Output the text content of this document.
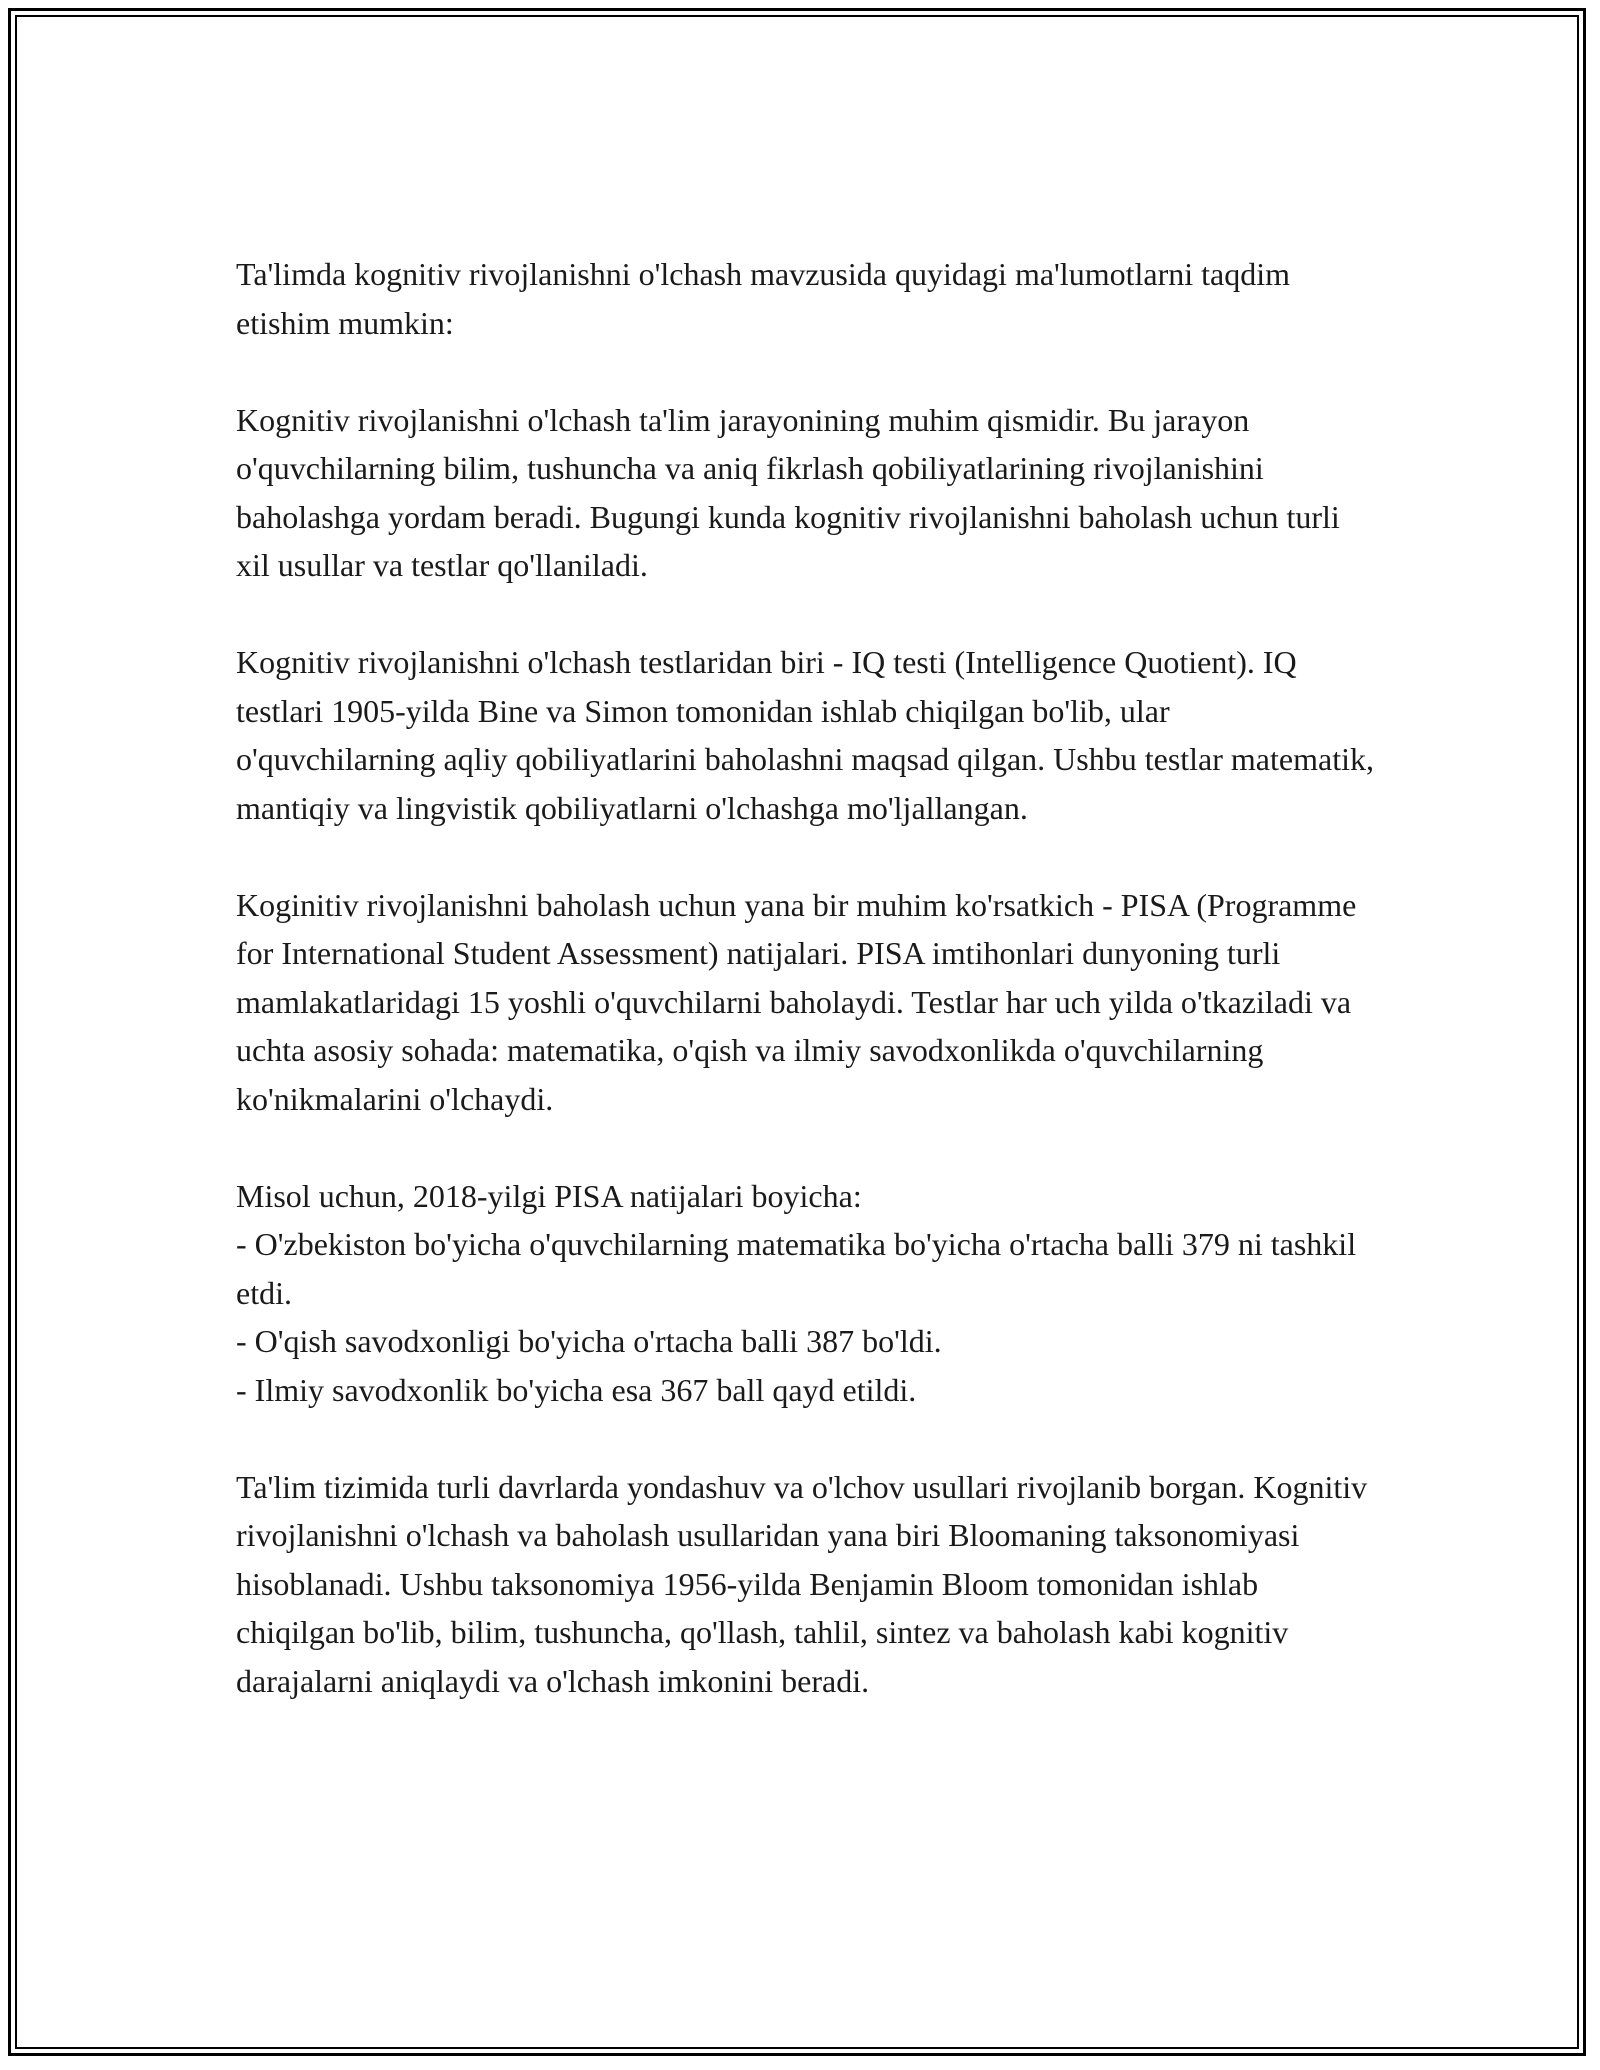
Ta'limda kognitiv rivojlanishni o'lchash mavzusida quyidagi ma'lumotlarni taqdim etishim mumkin:

Kognitiv rivojlanishni o'lchash ta'lim jarayonining muhim qismidir. Bu jarayon o'quvchilarning bilim, tushuncha va aniq fikrlash qobiliyatlarining rivojlanishini baholashga yordam beradi. Bugungi kunda kognitiv rivojlanishni baholash uchun turli xil usullar va testlar qo'llaniladi.

Kognitiv rivojlanishni o'lchash testlaridan biri - IQ testi (Intelligence Quotient). IQ testlari 1905-yilda Bine va Simon tomonidan ishlab chiqilgan bo'lib, ular o'quvchilarning aqliy qobiliyatlarini baholashni maqsad qilgan. Ushbu testlar matematik, mantiqiy va lingvistik qobiliyatlarni o'lchashga mo'ljallangan.

Koginitiv rivojlanishni baholash uchun yana bir muhim ko'rsatkich - PISA (Programme for International Student Assessment) natijalari. PISA imtihonlari dunyoning turli mamlakatlaridagi 15 yoshli o'quvchilarni baholaydi. Testlar har uch yilda o'tkaziladi va uchta asosiy sohada: matematika, o'qish va ilmiy savodxonlikda o'quvchilarning ko'nikmalarini o'lchaydi.

Misol uchun, 2018-yilgi PISA natijalari boyicha:
- O'zbekiston bo'yicha o'quvchilarning matematika bo'yicha o'rtacha balli 379 ni tashkil etdi.
- O'qish savodxonligi bo'yicha o'rtacha balli 387 bo'ldi.
- Ilmiy savodxonlik bo'yicha esa 367 ball qayd etildi.

Ta'lim tizimida turli davrlarda yondashuv va o'lchov usullari rivojlanib borgan. Kognitiv rivojlanishni o'lchash va baholash usullaridan yana biri Bloomaning taksonomiyasi hisoblanadi. Ushbu taksonomiya 1956-yilda Benjamin Bloom tomonidan ishlab chiqilgan bo'lib, bilim, tushuncha, qo'llash, tahlil, sintez va baholash kabi kognitiv darajalarni aniqlaydi va o'lchash imkonini beradi.
